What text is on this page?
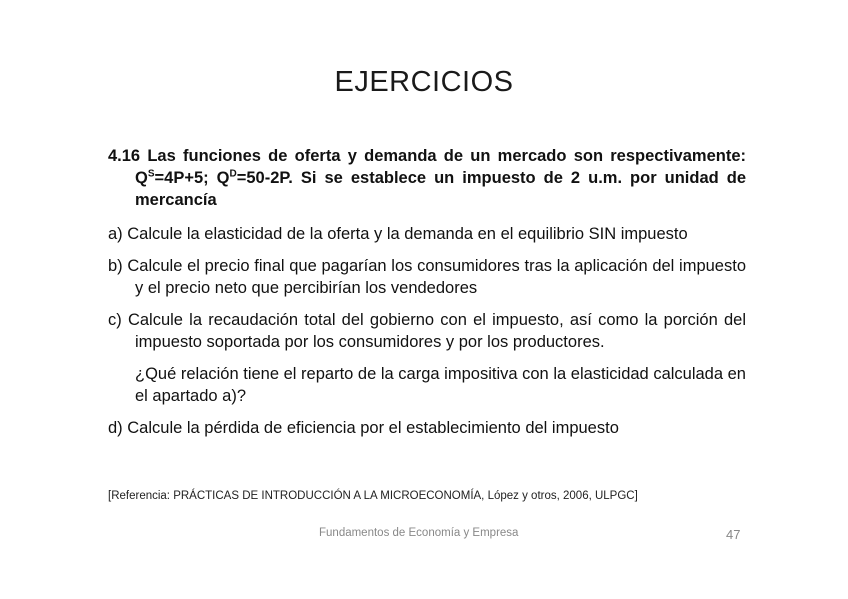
EJERCICIOS

4.16 Las funciones de oferta y demanda de un mercado son respectivamente: $Q^S=4P+5$; $Q^D=50-2P$. Si se establece un impuesto de 2 u.m. por unidad de mercancía

a) Calcule la elasticidad de la oferta y la demanda en el equilibrio SIN impuesto

b) Calcule el precio final que pagarían los consumidores tras la aplicación del impuesto y el precio neto que percibirían los vendedores

c) Calcule la recaudación total del gobierno con el impuesto, así como la porción del impuesto soportada por los consumidores y por los productores.

¿Qué relación tiene el reparto de la carga impositiva con la elasticidad calculada en el apartado a)?

d) Calcule la pérdida de eficiencia por el establecimiento del impuesto

[Referencia: PRÁCTICAS DE INTRODUCCIÓN A LA MICROECONOMÍA, López y otros, 2006, ULPGC]
Fundamentos de Economía y Empresa	47
